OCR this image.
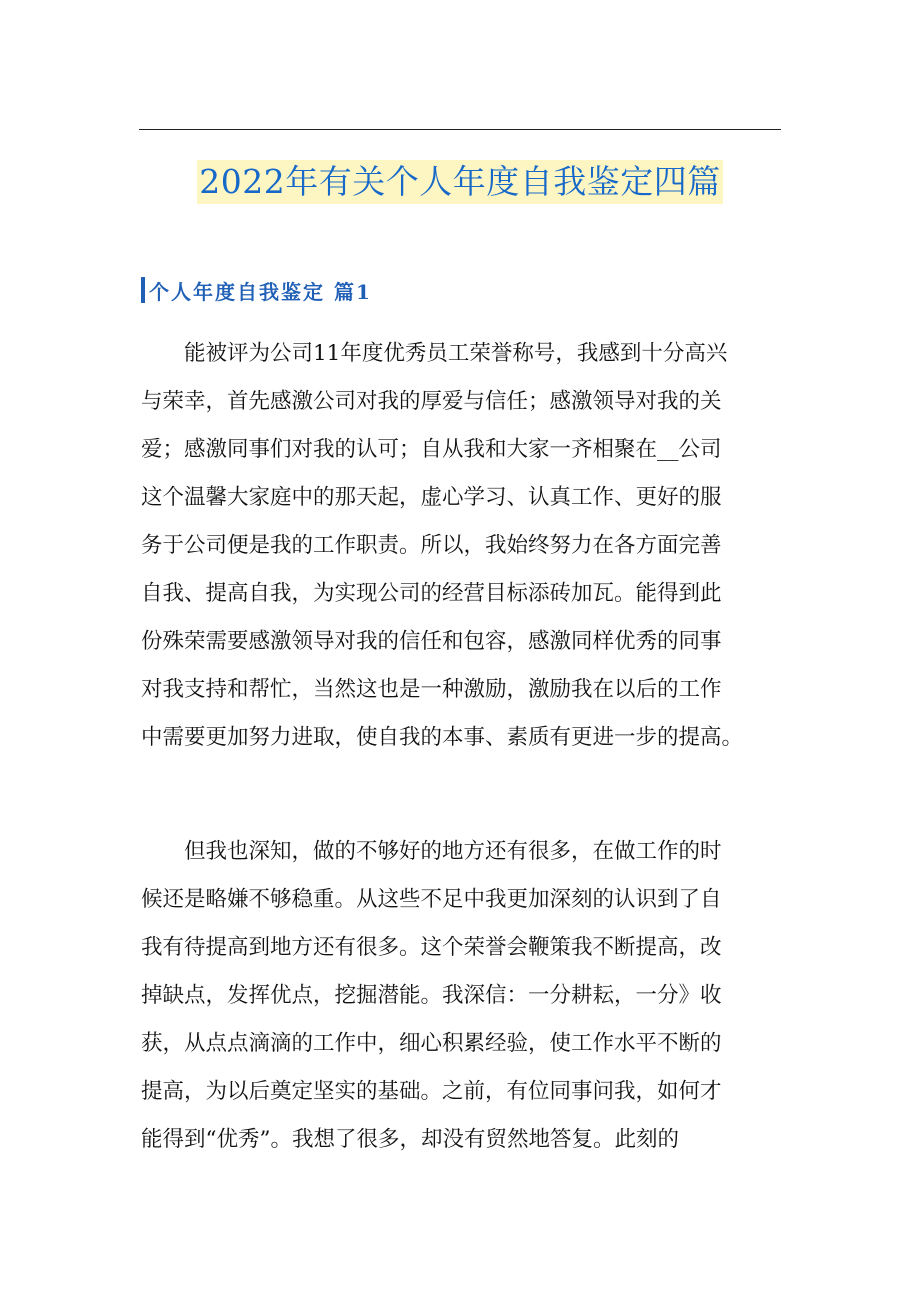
2022年有关个人年度自我鉴定四篇
个人年度自我鉴定 篇1
　　能被评为公司11年度优秀员工荣誉称号，我感到十分高兴
与荣幸，首先感激公司对我的厚爱与信任；感激领导对我的关
爱；感激同事们对我的认可；自从我和大家一齐相聚在__公司
这个温馨大家庭中的那天起，虚心学习、认真工作、更好的服
务于公司便是我的工作职责。所以，我始终努力在各方面完善
自我、提高自我，为实现公司的经营目标添砖加瓦。能得到此
份殊荣需要感激领导对我的信任和包容，感激同样优秀的同事
对我支持和帮忙，当然这也是一种激励，激励我在以后的工作
中需要更加努力进取，使自我的本事、素质有更进一步的提高。
　　但我也深知，做的不够好的地方还有很多，在做工作的时
候还是略嫌不够稳重。从这些不足中我更加深刻的认识到了自
我有待提高到地方还有很多。这个荣誉会鞭策我不断提高，改
掉缺点，发挥优点，挖掘潜能。我深信：一分耕耘，一分》收
获，从点点滴滴的工作中，细心积累经验，使工作水平不断的
提高，为以后奠定坚实的基础。之前，有位同事问我，如何才
能得到“优秀”。我想了很多，却没有贸然地答复。此刻的
